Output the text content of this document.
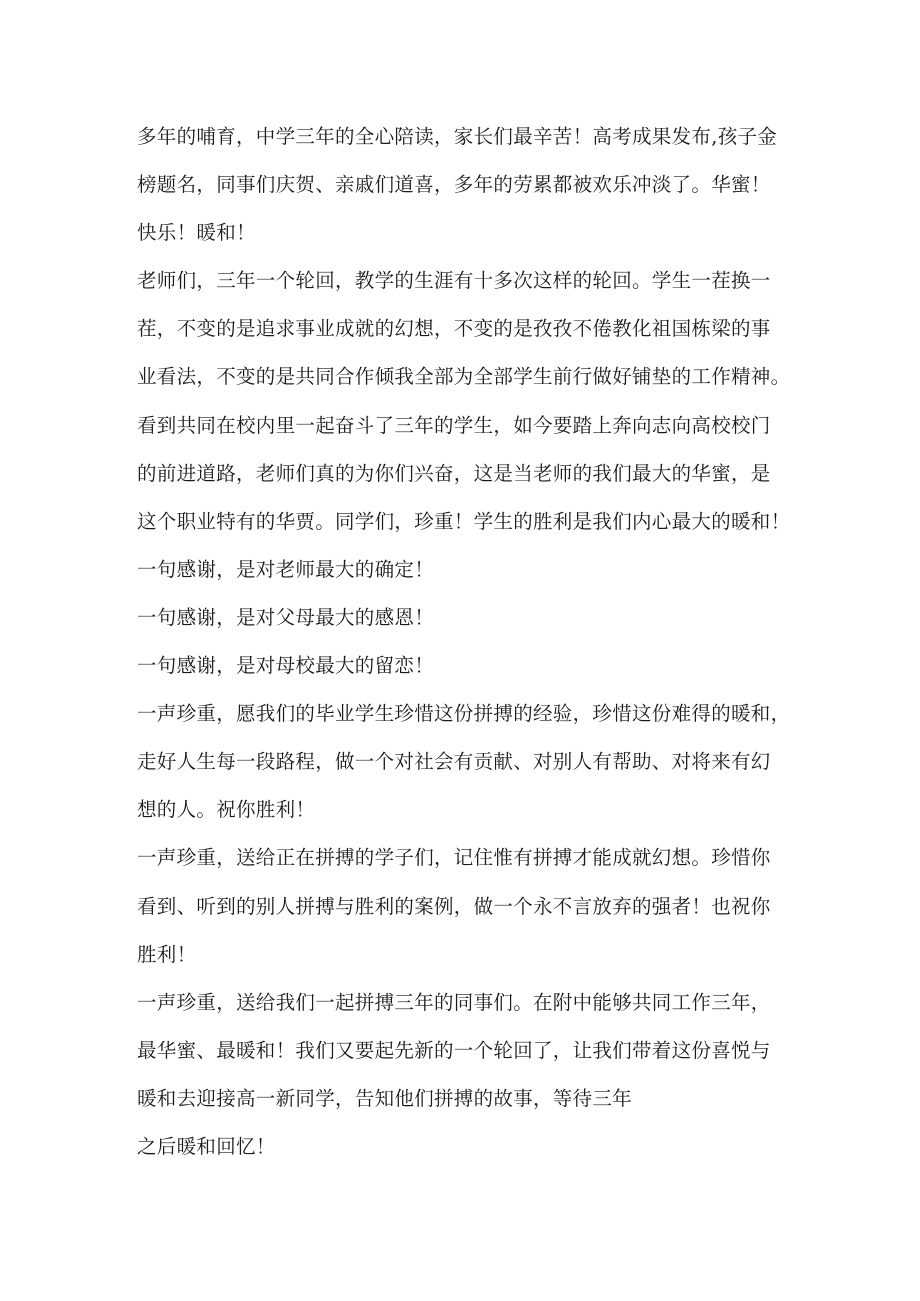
多年的哺育，中学三年的全心陪读，家长们最辛苦！高考成果发布,孩子金
榜题名，同事们庆贺、亲戚们道喜，多年的劳累都被欢乐冲淡了。华蜜！
快乐！暖和！
老师们，三年一个轮回，教学的生涯有十多次这样的轮回。学生一茬换一
茬，不变的是追求事业成就的幻想，不变的是孜孜不倦教化祖国栋梁的事
业看法，不变的是共同合作倾我全部为全部学生前行做好铺垫的工作精神。
看到共同在校内里一起奋斗了三年的学生，如今要踏上奔向志向高校校门
的前进道路，老师们真的为你们兴奋，这是当老师的我们最大的华蜜，是
这个职业特有的华贾。同学们，珍重！学生的胜利是我们内心最大的暖和！
一句感谢，是对老师最大的确定！
一句感谢，是对父母最大的感恩！
一句感谢，是对母校最大的留恋！
一声珍重，愿我们的毕业学生珍惜这份拼搏的经验，珍惜这份难得的暖和，
走好人生每一段路程，做一个对社会有贡献、对别人有帮助、对将来有幻
想的人。祝你胜利！
一声珍重，送给正在拼搏的学子们，记住惟有拼搏才能成就幻想。珍惜你
看到、听到的别人拼搏与胜利的案例，做一个永不言放弃的强者！也祝你
胜利！
一声珍重，送给我们一起拼搏三年的同事们。在附中能够共同工作三年，
最华蜜、最暖和！我们又要起先新的一个轮回了，让我们带着这份喜悦与
暖和去迎接高一新同学，告知他们拼搏的故事，等待三年
之后暖和回忆！
